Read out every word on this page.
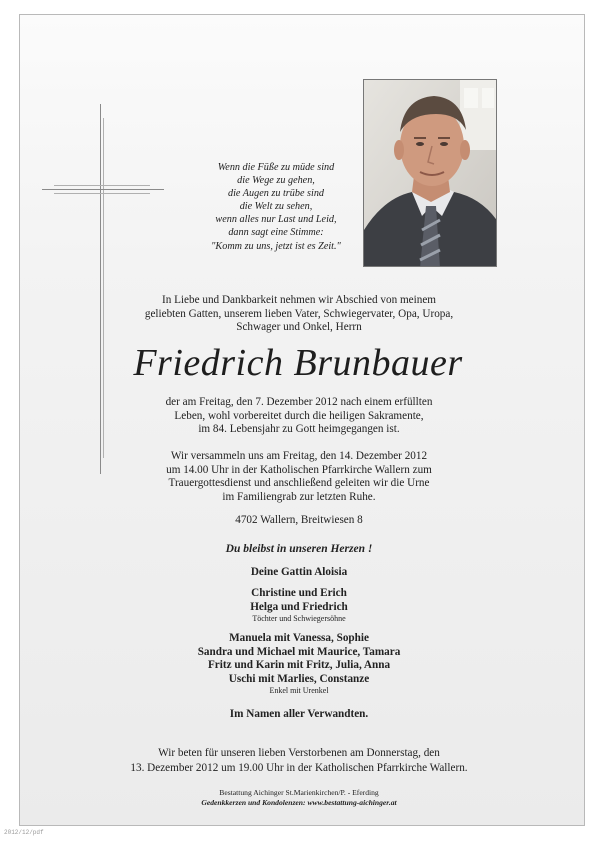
Wenn die Füße zu müde sind
die Wege zu gehen,
die Augen zu trübe sind
die Welt zu sehen,
wenn alles nur Last und Leid,
dann sagt eine Stimme:
"Komm zu uns, jetzt ist es Zeit."
In Liebe und Dankbarkeit nehmen wir Abschied von meinem
geliebten Gatten, unserem lieben Vater, Schwiegervater, Opa, Uropa,
Schwager und Onkel, Herrn
Friedrich Brunbauer
der am Freitag, den 7. Dezember 2012 nach einem erfüllten
Leben, wohl vorbereitet durch die heiligen Sakramente,
im 84. Lebensjahr zu Gott heimgegangen ist.
Wir versammeln uns am Freitag, den 14. Dezember 2012
um 14.00 Uhr in der Katholischen Pfarrkirche Wallern zum
Trauergottesdienst und anschließend geleiten wir die Urne
im Familiengrab zur letzten Ruhe.
4702 Wallern, Breitwiesen 8
Du bleibst in unseren Herzen !
Deine Gattin Aloisia
Christine und Erich
Helga und Friedrich
Töchter und Schwiegersöhne
Manuela mit Vanessa, Sophie
Sandra und Michael mit Maurice, Tamara
Fritz und Karin mit Fritz, Julia, Anna
Uschi mit Marlies, Constanze
Enkel mit Urenkel
Im Namen aller Verwandten.
Wir beten für unseren lieben Verstorbenen am Donnerstag, den
13. Dezember 2012 um 19.00 Uhr in der Katholischen Pfarrkirche Wallern.
Bestattung Aichinger St.Marienkirchen/P. - Eferding
Gedenkkerzen und Kondolenzen: www.bestattung-aichinger.at
2012/12/pdf
